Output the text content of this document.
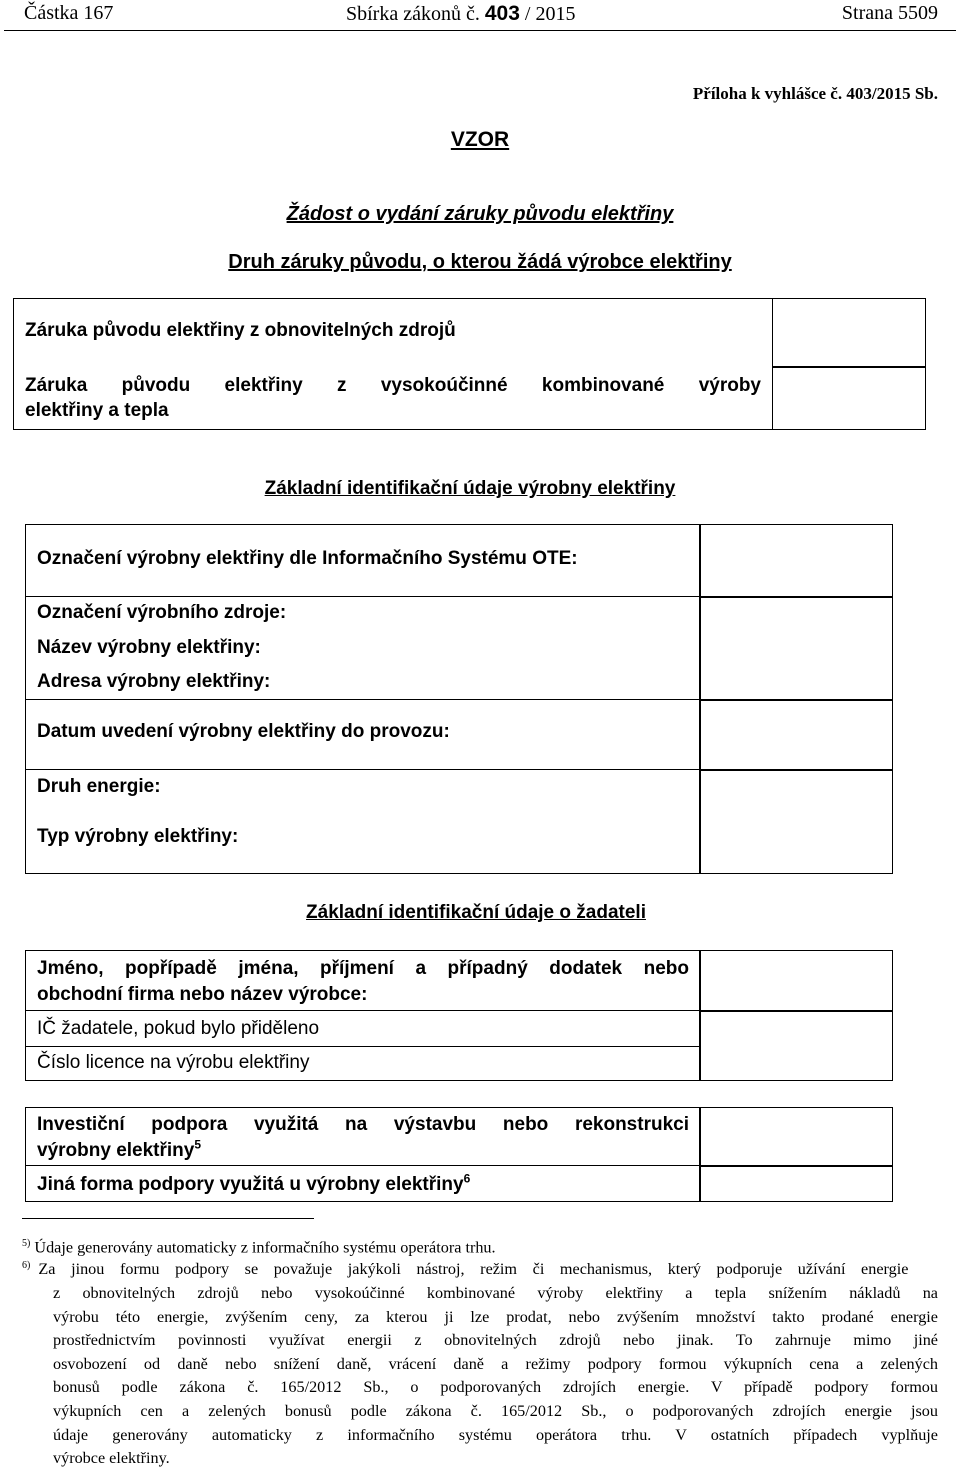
Částka 167	Sbírka zákonů č. 403 / 2015	Strana 5509
Příloha k vyhlášce č. 403/2015 Sb.
VZOR
Žádost o vydání záruky původu elektřiny
Druh záruky původu, o kterou žádá výrobce elektřiny
Záruka původu elektřiny z obnovitelných zdrojů
Záruka původu elektřiny z vysokoúčinné kombinované výroby
elektřiny a tepla
Základní identifikační údaje výrobny elektřiny
Označení výrobny elektřiny dle Informačního Systému OTE:
Označení výrobního zdroje:
Název výrobny elektřiny:
Adresa výrobny elektřiny:
Datum uvedení výrobny elektřiny do provozu:
Druh energie:
Typ výrobny elektřiny:
Základní identifikační údaje o žadateli
Jméno, popřípadě jména, příjmení a případný dodatek nebo
obchodní firma nebo název výrobce:
IČ žadatele, pokud bylo přiděleno
Číslo licence na výrobu elektřiny
Investiční podpora využitá na výstavbu nebo rekonstrukci
výrobny elektřiny$^5$
Jiná forma podpory využitá u výrobny elektřiny$^6$
$^{5)}$ Údaje generovány automaticky z informačního systému operátora trhu.
$^{6)}$ Za jinou formu podpory se považuje jakýkoli nástroj, režim či mechanismus, který podporuje užívání energie
z obnovitelných zdrojů nebo vysokoúčinné kombinované výroby elektřiny a tepla snížením nákladů na
výrobu této energie, zvýšením ceny, za kterou ji lze prodat, nebo zvýšením množství takto prodané energie
prostřednictvím povinnosti využívat energii z obnovitelných zdrojů nebo jinak. To zahrnuje mimo jiné
osvobození od daně nebo snížení daně, vrácení daně a režimy podpory formou výkupních cena a zelených
bonusů podle zákona č. 165/2012 Sb., o podporovaných zdrojích energie. V případě podpory formou
výkupních cen a zelených bonusů podle zákona č. 165/2012 Sb., o podporovaných zdrojích energie jsou
údaje generovány automaticky z informačního systému operátora trhu. V ostatních případech vyplňuje
výrobce elektřiny.
